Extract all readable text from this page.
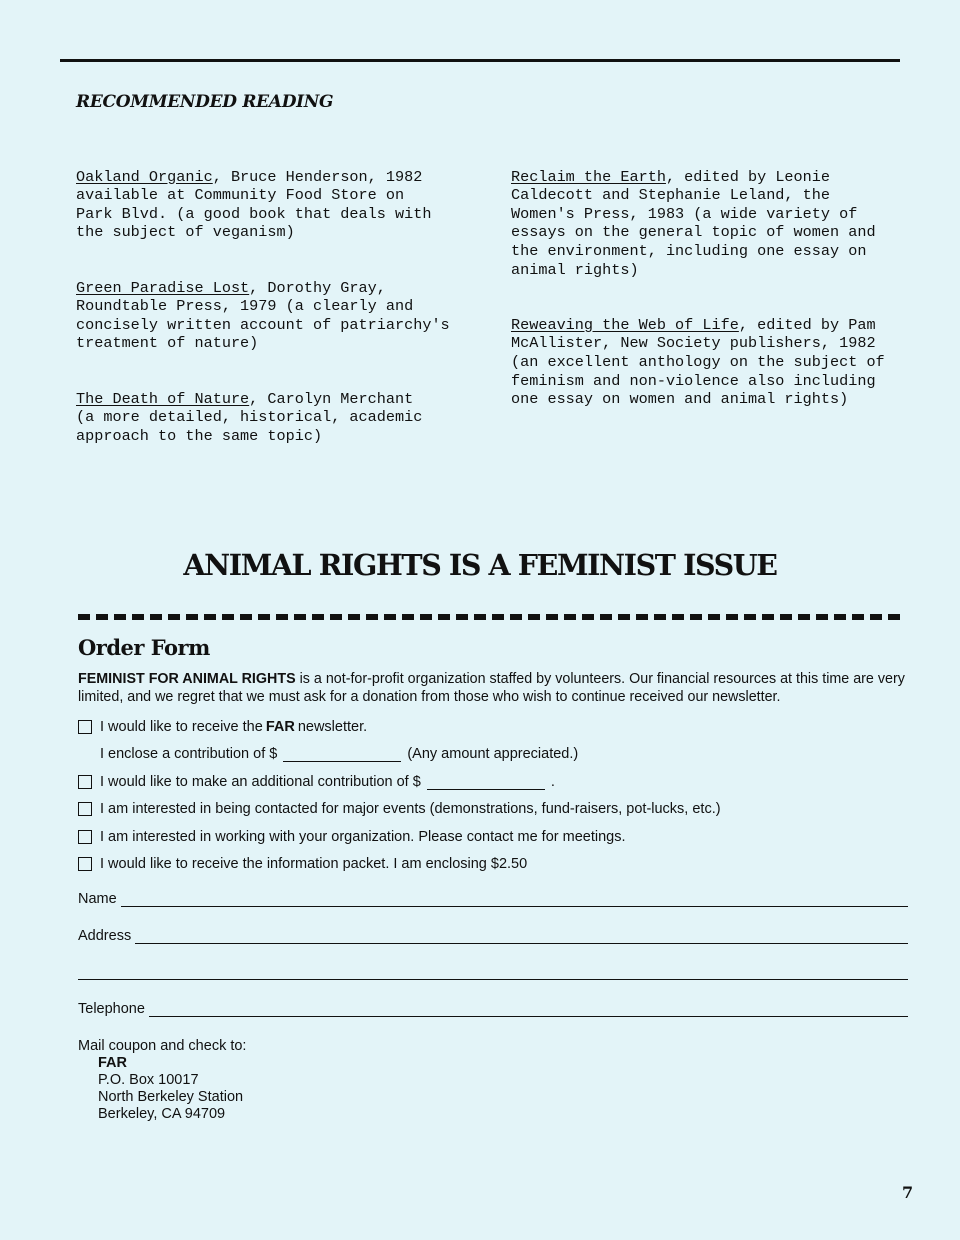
RECOMMENDED READING

Oakland Organic, Bruce Henderson, 1982
available at Community Food Store on
Park Blvd. (a good book that deals with
the subject of veganism)

Green Paradise Lost, Dorothy Gray,
Roundtable Press, 1979 (a clearly and
concisely written account of patriarchy's
treatment of nature)

The Death of Nature, Carolyn Merchant
(a more detailed, historical, academic
approach to the same topic)

Reclaim the Earth, edited by Leonie
Caldecott and Stephanie Leland, the
Women's Press, 1983 (a wide variety of
essays on the general topic of women and
the environment, including one essay on
animal rights)

Reweaving the Web of Life, edited by Pam
McAllister, New Society publishers, 1982
(an excellent anthology on the subject of
feminism and non-violence also including
one essay on women and animal rights)

ANIMAL RIGHTS IS A FEMINIST ISSUE
Order Form
FEMINIST FOR ANIMAL RIGHTS is a not-for-profit organization staffed by volunteers. Our financial resources at this time are very limited, and we regret that we must ask for a donation from those who wish to continue received our newsletter.
I would like to receive the FAR newsletter.
I enclose a contribution of $	(Any amount appreciated.)
I would like to make an additional contribution of $	.
I am interested in being contacted for major events (demonstrations, fund-raisers, pot-lucks, etc.)
I am interested in working with your organization. Please contact me for meetings.
I would like to receive the information packet. I am enclosing $2.50
Name
Address
Telephone
Mail coupon and check to:
FAR
P.O. Box 10017
North Berkeley Station
Berkeley, CA 94709
7
